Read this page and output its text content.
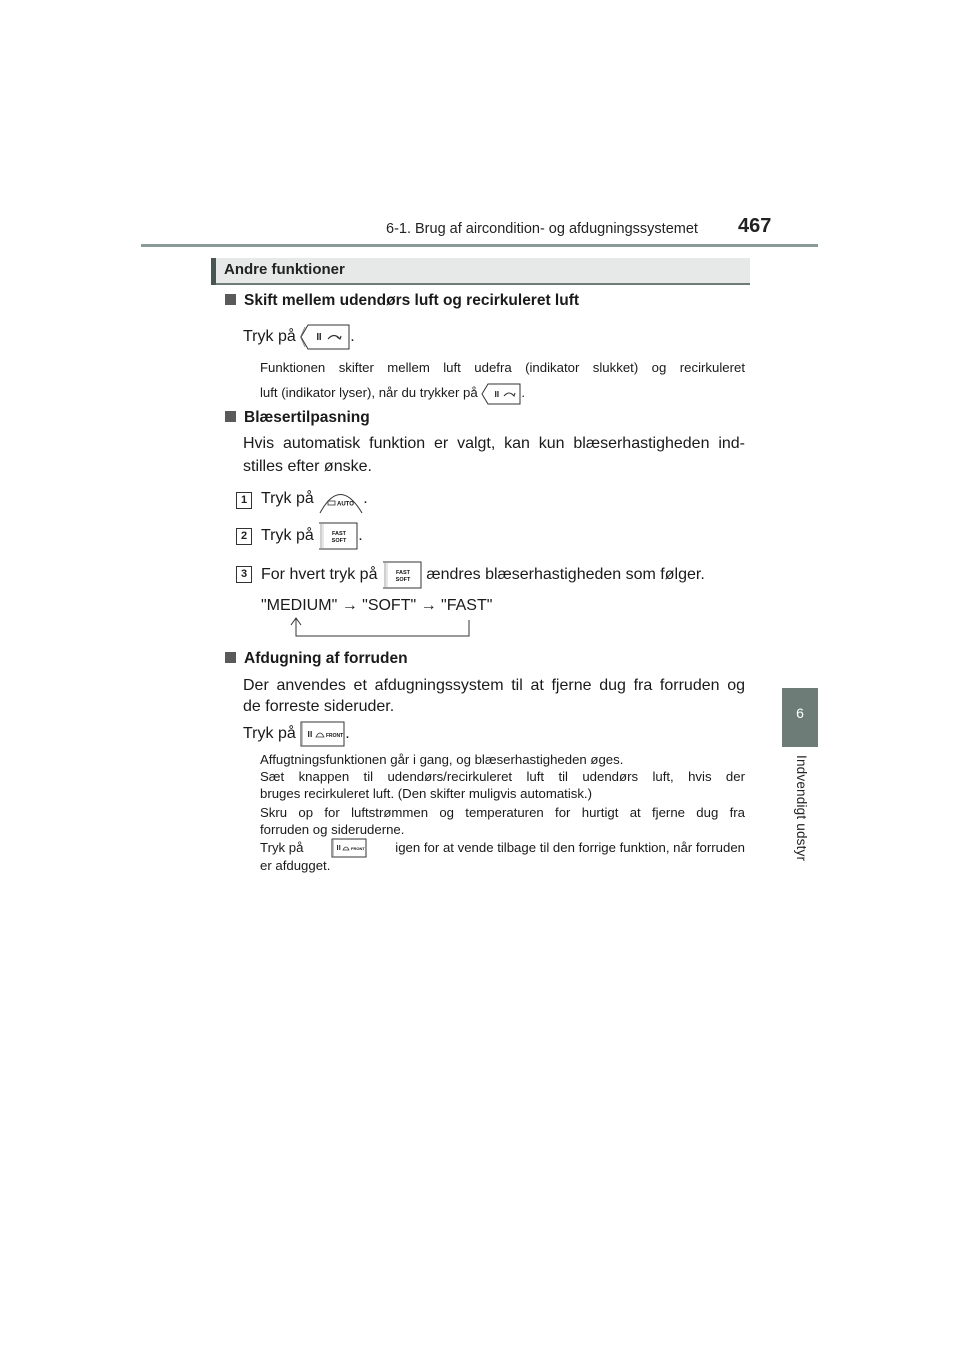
6-1. Brug af aircondition- og afdugningssystemet 467
6
Indvendigt udstyr
Andre funktioner
Skift mellem udendørs luft og recirkuleret luft
Tryk på	.
Funktionen skifter mellem luft udefra (indikator slukket) og recirkuleret
luft (indikator lyser), når du trykker på	.
Blæsertilpasning
Hvis automatisk funktion er valgt, kan kun blæserhastigheden ind-
stilles efter ønske.
1 Tryk på	AUTO .
2 Tryk på	FAST
SOFT .
3 For hvert tryk på	FAST
SOFT ændres blæserhastigheden som følger.
"MEDIUM" → "SOFT" → "FAST"
Afdugning af forruden
Der anvendes et afdugningssystem til at fjerne dug fra forruden og
de forreste sideruder.
Tryk på	FRONT .
Affugtningsfunktionen går i gang, og blæserhastigheden øges.
Sæt knappen til udendørs/recirkuleret luft til udendørs luft, hvis der
bruges recirkuleret luft. (Den skifter muligvis automatisk.)
Skru op for luftstrømmen og temperaturen for hurtigt at fjerne dug fra
forruden og sideruderne.
Tryk på	FRONT igen for at vende tilbage til den forrige funktion, når forruden
er afdugget.
